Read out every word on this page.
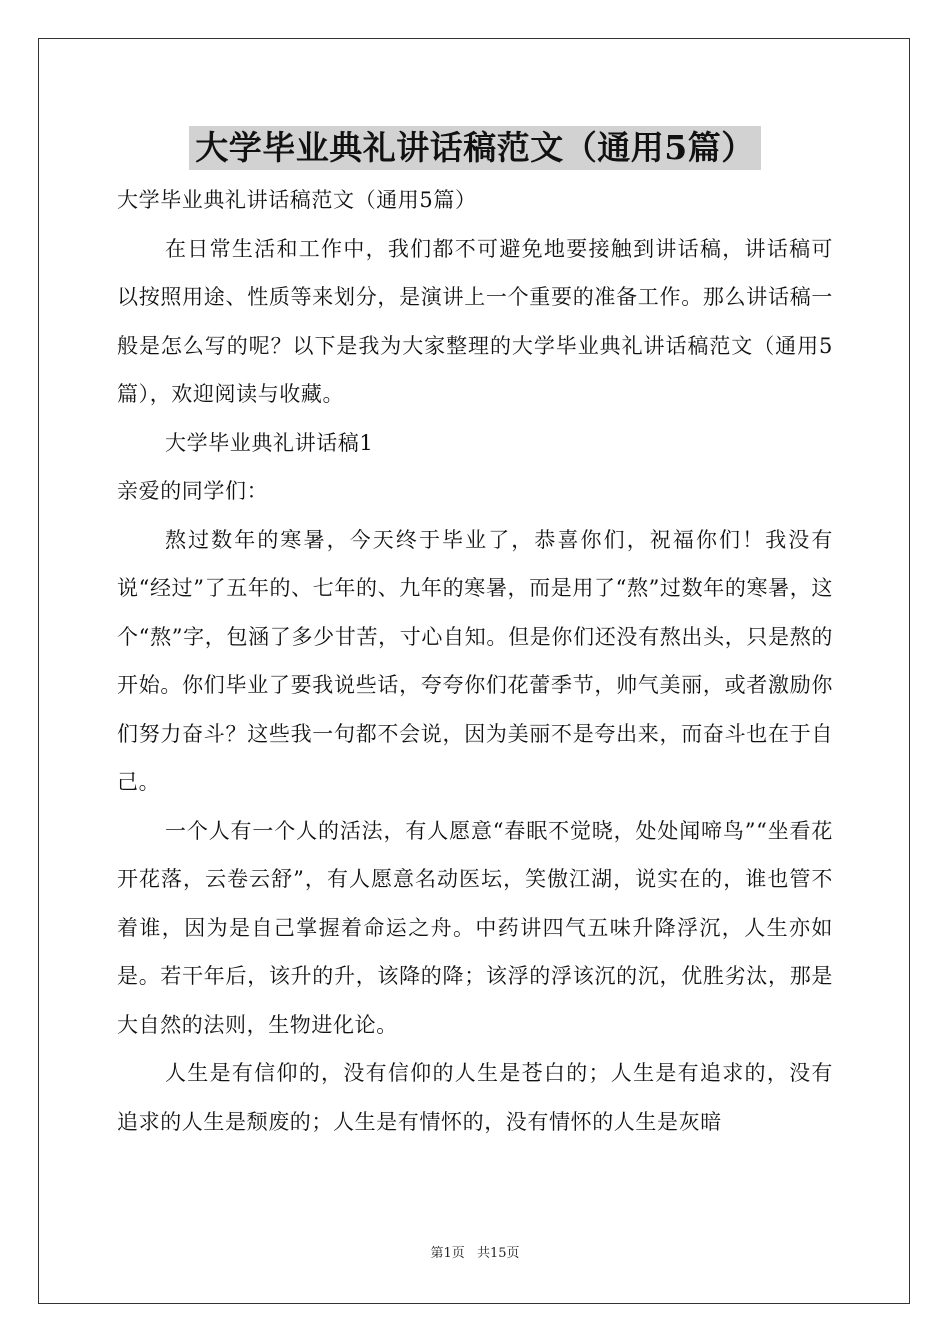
大学毕业典礼讲话稿范文（通用5篇）

大学毕业典礼讲话稿范文（通用5篇）

在日常生活和工作中，我们都不可避免地要接触到讲话稿，讲话稿可以按照用途、性质等来划分，是演讲上一个重要的准备工作。那么讲话稿一般是怎么写的呢？以下是我为大家整理的大学毕业典礼讲话稿范文（通用5篇），欢迎阅读与收藏。

大学毕业典礼讲话稿1

亲爱的同学们：

熬过数年的寒暑，今天终于毕业了，恭喜你们，祝福你们！我没有说“经过”了五年的、七年的、九年的寒暑，而是用了“熬”过数年的寒暑，这个“熬”字，包涵了多少甘苦，寸心自知。但是你们还没有熬出头，只是熬的开始。你们毕业了要我说些话，夸夸你们花蕾季节，帅气美丽，或者激励你们努力奋斗？这些我一句都不会说，因为美丽不是夸出来，而奋斗也在于自己。

一个人有一个人的活法，有人愿意“春眠不觉晓，处处闻啼鸟”“坐看花开花落，云卷云舒”，有人愿意名动医坛，笑傲江湖，说实在的，谁也管不着谁，因为是自己掌握着命运之舟。中药讲四气五味升降浮沉，人生亦如是。若干年后，该升的升，该降的降；该浮的浮该沉的沉，优胜劣汰，那是大自然的法则，生物进化论。

人生是有信仰的，没有信仰的人生是苍白的；人生是有追求的，没有追求的人生是颓废的；人生是有情怀的，没有情怀的人生是灰暗

第1页 共15页
